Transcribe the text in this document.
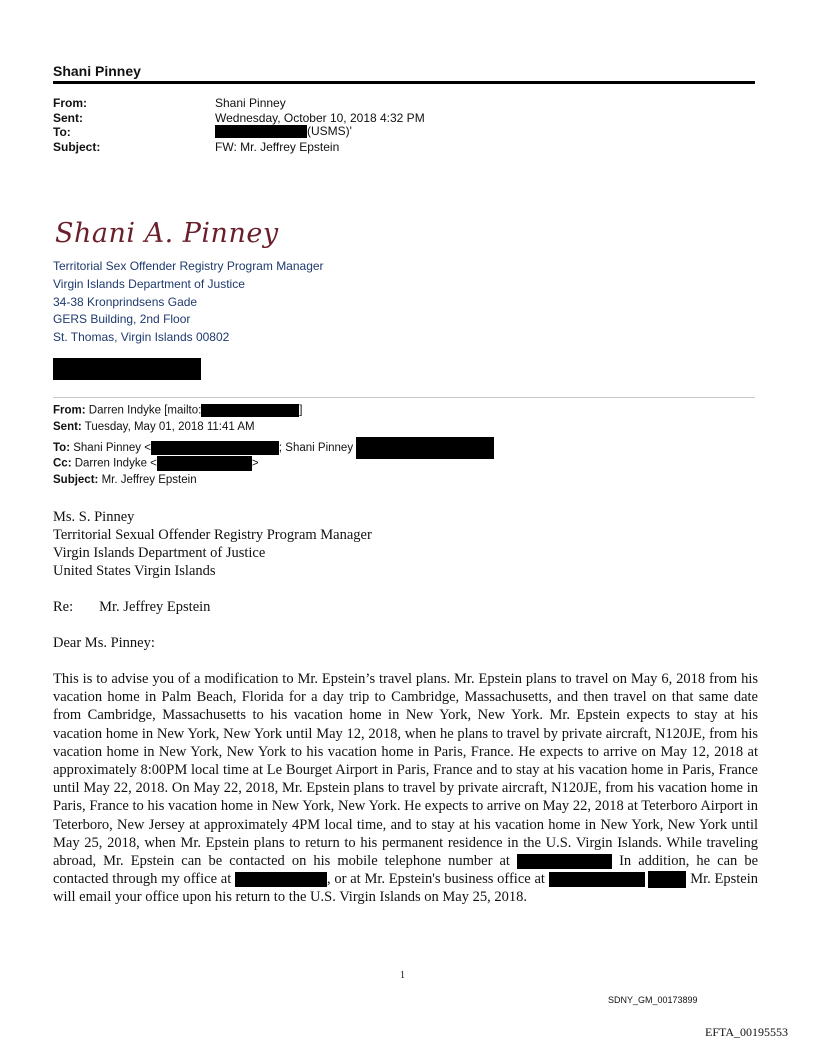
Shani Pinney
From:	Shani Pinney
Sent:	Wednesday, October 10, 2018 4:32 PM
To:	(USMS)'
Subject:	FW: Mr. Jeffrey Epstein
Shani A. Pinney
Territorial Sex Offender Registry Program Manager
Virgin Islands Department of Justice
34-38 Kronprindsens Gade
GERS Building, 2nd Floor
St. Thomas, Virgin Islands 00802
From: Darren Indyke [mailto:	]
Sent: Tuesday, May 01, 2018 11:41 AM
To: Shani Pinney <	; Shani Pinney
Cc: Darren Indyke <	>
Subject: Mr. Jeffrey Epstein
Ms. S. Pinney
Territorial Sexual Offender Registry Program Manager
Virgin Islands Department of Justice
United States Virgin Islands
Re: Mr. Jeffrey Epstein
Dear Ms. Pinney:
This is to advise you of a modification to Mr. Epstein’s travel plans. Mr. Epstein plans to travel on May 6, 2018 from his vacation home in Palm Beach, Florida for a day trip to Cambridge, Massachusetts, and then travel on that same date from Cambridge, Massachusetts to his vacation home in New York, New York. Mr. Epstein expects to stay at his vacation home in New York, New York until May 12, 2018, when he plans to travel by private aircraft, N120JE, from his vacation home in New York, New York to his vacation home in Paris, France. He expects to arrive on May 12, 2018 at approximately 8:00PM local time at Le Bourget Airport in Paris, France and to stay at his vacation home in Paris, France until May 22, 2018. On May 22, 2018, Mr. Epstein plans to travel by private aircraft, N120JE, from his vacation home in Paris, France to his vacation home in New York, New York. He expects to arrive on May 22, 2018 at Teterboro Airport in Teterboro, New Jersey at approximately 4PM local time, and to stay at his vacation home in New York, New York until May 25, 2018, when Mr. Epstein plans to return to his permanent residence in the U.S. Virgin Islands. While traveling abroad, Mr. Epstein can be contacted on his mobile telephone number at	In addition, he can be contacted through my office at	, or at Mr. Epstein's business office at	Mr. Epstein will email your office upon his return to the U.S. Virgin Islands on May 25, 2018.
1
SDNY_GM_00173899
EFTA_00195553
